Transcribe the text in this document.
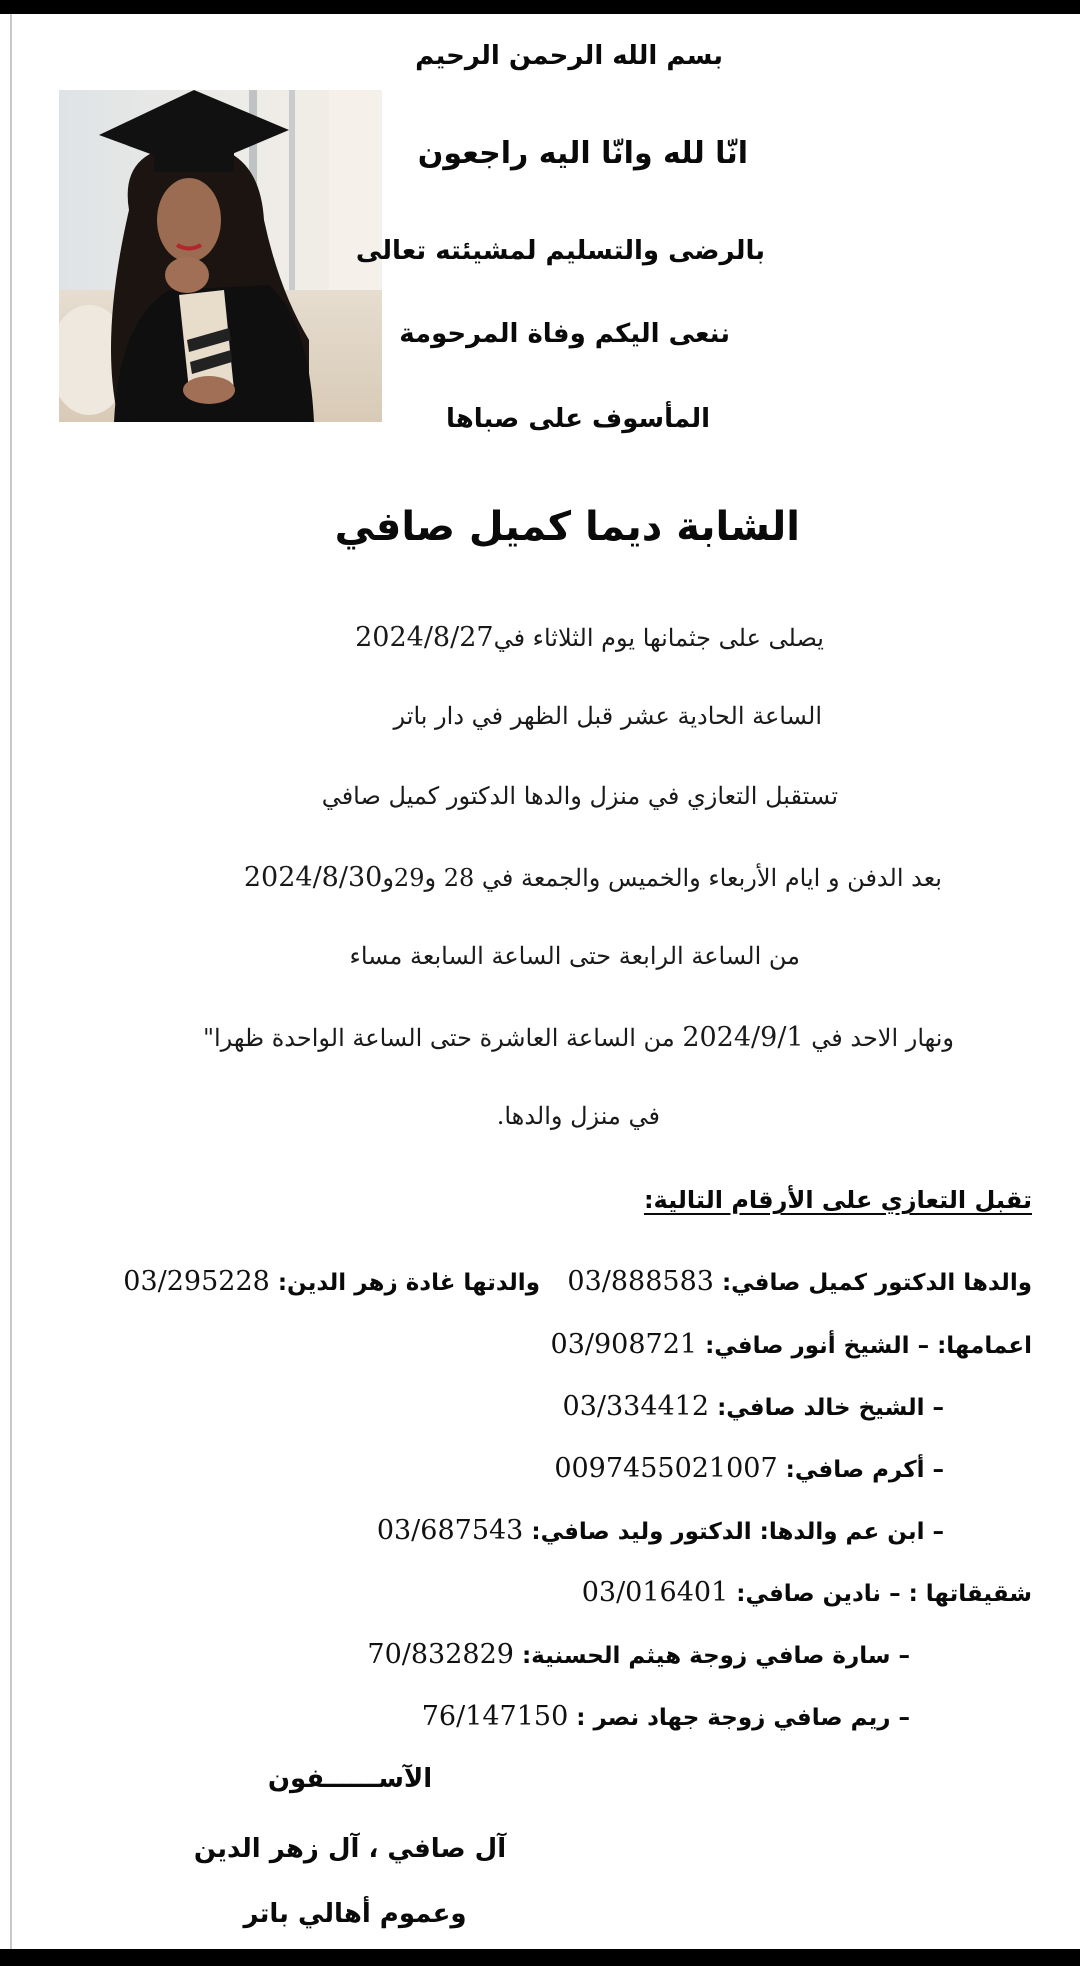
بسم الله الرحمن الرحيم
انّا لله وانّا اليه راجعون
بالرضى والتسليم لمشيئته تعالى
ننعى اليكم وفاة المرحومة
المأسوف على صباها
الشابة ديما كميل صافي
يصلى على جثمانها يوم الثلاثاء في2024/8/27
الساعة الحادية عشر قبل الظهر في دار باتر
تستقبل التعازي في منزل والدها الدكتور كميل صافي
بعد الدفن و ايام الأربعاء والخميس والجمعة في 28 و29و2024/8/30
من الساعة الرابعة حتى الساعة السابعة مساء
ونهار الاحد في 2024/9/1 من الساعة العاشرة حتى الساعة الواحدة ظهرا"
في منزل والدها.
تقبل التعازي على الأرقام التالية:
والدها الدكتور كميل صافي: 03/888583
والدتها غادة زهر الدين: 03/295228
اعمامها: – الشيخ أنور صافي: 03/908721
– الشيخ خالد صافي: 03/334412
– أكرم صافي: 0097455021007
– ابن عم والدها: الدكتور وليد صافي: 03/687543
شقيقاتها : – نادين صافي: 03/016401
– سارة صافي زوجة هيثم الحسنية: 70/832829
– ريم صافي زوجة جهاد نصر : 76/147150
الآســــــفون
آل صافي ، آل زهر الدين
وعموم أهالي باتر
